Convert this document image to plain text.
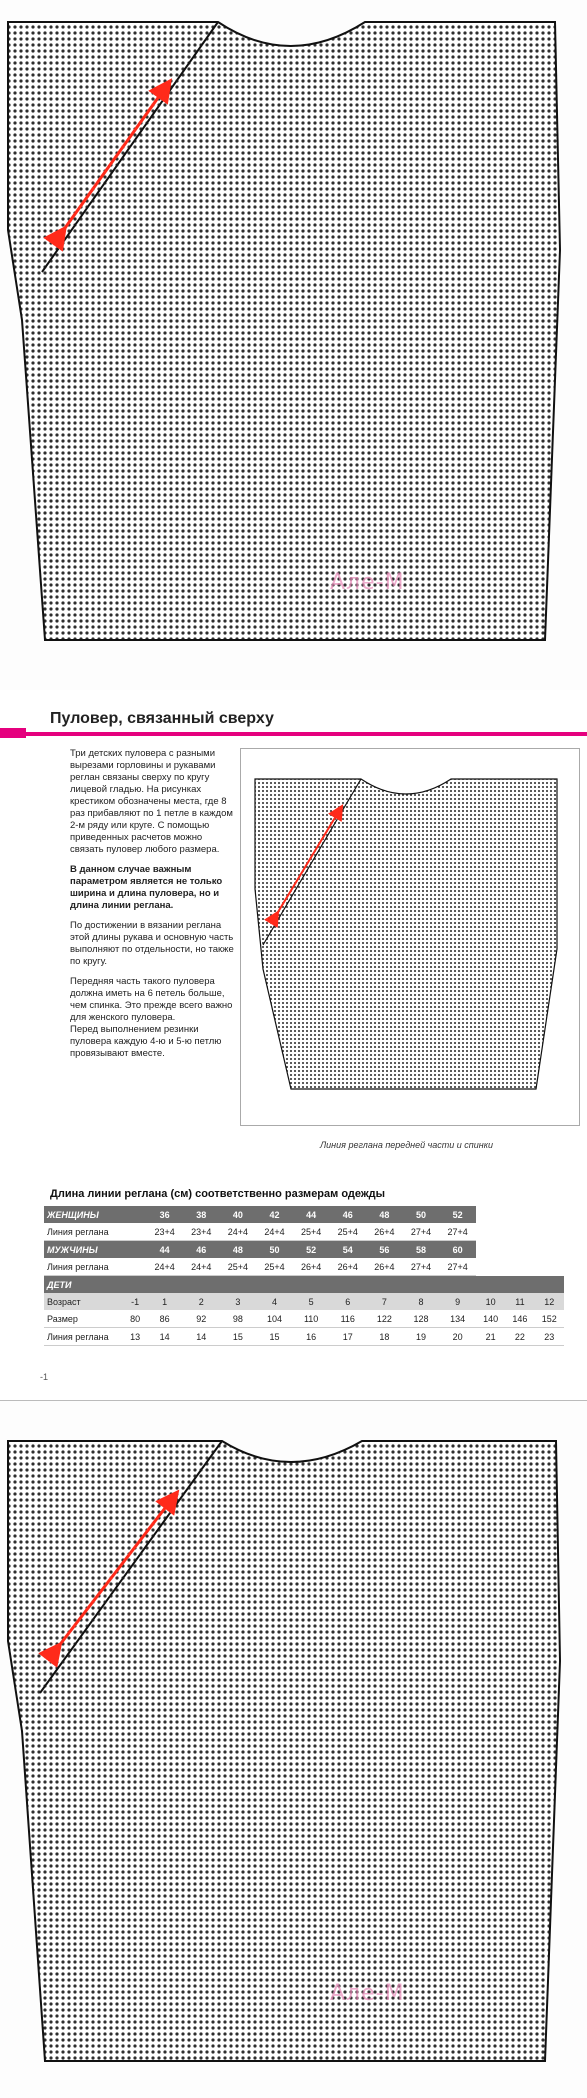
Але-М
Пуловер, связанный сверху

Три детских пуловера с разными вырезами горловины и рукавами реглан связаны сверху по кругу лицевой гладью. На рисунках крестиком обозначены места, где 8 раз прибавляют по 1 петле в каждом 2-м ряду или круге. С помощью приведенных расчетов можно связать пуловер любого размера.

В данном случае важным параметром является не только ширина и длина пуловера, но и длина линии реглана.

По достижении в вязании реглана этой длины рукава и основную часть выполняют по отдельности, но также по кругу.

Передняя часть такого пуловера должна иметь на 6 петель больше, чем спинка. Это прежде всего важно для женского пуловера.

Перед выполнением резинки пуловера каждую 4-ю и 5-ю петлю провязывают вместе.

Линия реглана передней части и спинки
Длина линии реглана (см) соответственно размерам одежды
ЖЕНЩИНЫ		36	38	40	42	44	46	48	50	52			
Линия реглана		23+4	23+4	24+4	24+4	25+4	25+4	26+4	27+4	27+4			
МУЖЧИНЫ		44	46	48	50	52	54	56	58	60			
Линия реглана		24+4	24+4	25+4	25+4	26+4	26+4	26+4	27+4	27+4			
ДЕТИ													
Возраст	-1	1	2	3	4	5	6	7	8	9	10	11	12
Размер	80	86	92	98	104	110	116	122	128	134	140	146	152
Линия реглана	13	14	14	15	15	16	17	18	19	20	21	22	23
-1
Але-М
